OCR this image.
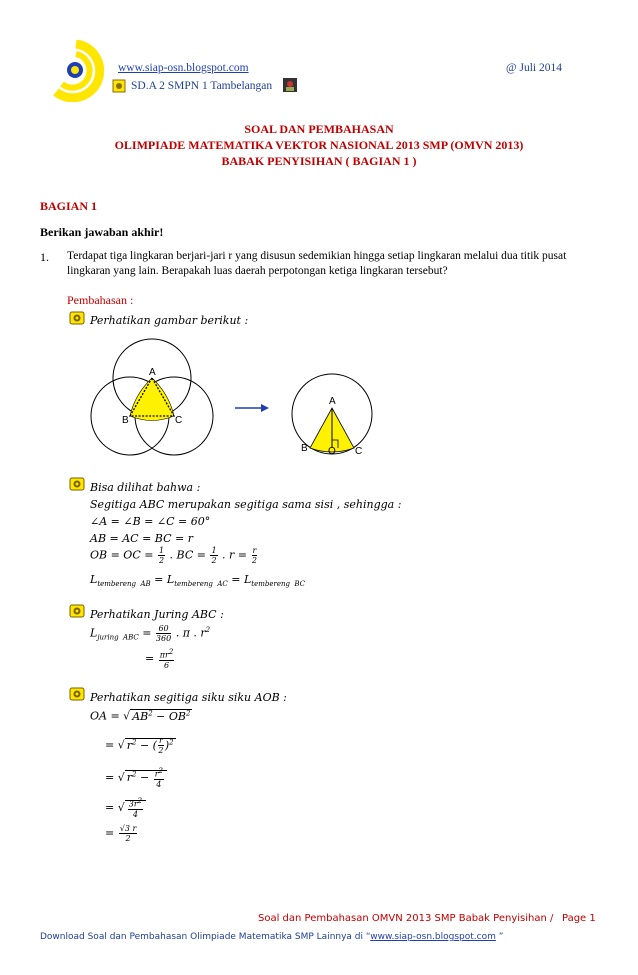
www.siap-osn.blogspot.com	@ Juli 2014
SD.A 2 SMPN 1 Tambelangan
SOAL DAN PEMBAHASAN
OLIMPIADE MATEMATIKA VEKTOR NASIONAL 2013 SMP (OMVN 2013)
BABAK PENYISIHAN ( BAGIAN 1 )
BAGIAN 1
Berikan jawaban akhir!
1. Terdapat tiga lingkaran berjari-jari r yang disusun sedemikian hingga setiap lingkaran melalui dua titik pusat
lingkaran yang lain. Berapakah luas daerah perpotongan ketiga lingkaran tersebut?
Pembahasan :
Perhatikan gambar berikut :
A
B	C
A
B O C
Bisa dilihat bahwa :
Segitiga ABC merupakan segitiga sama sisi , sehingga :
∠A = ∠B = ∠C = 60°
AB = AC = BC = r
OB = OC = $\frac{1}{2}$ . BC = $\frac{1}{2}$ . $r = \frac{r}{2}$
$L_{tembereng AB} = L_{tembereng AC} = L_{tembereng BC}$
Perhatikan Juring ABC :
$L_{juring ABC} = \frac{60}{360}$ . π . $r^2$
= $\frac{\pi r^2}{6}$
Perhatikan segitiga siku siku AOB :
OA = √ $AB^2 - OB^2$
= √ $r^2$ − ( $\frac{r}{2} )^2$
= √ $r^2 - \frac{r^2}{4}$
= √ $\frac{3r^2}{4}$
= $\frac{√3 r}{2}$
Soal dan Pembahasan OMVN 2013 SMP Babak Penyisihan / Page 1
Download Soal dan Pembahasan Olimpiade Matematika SMP Lainnya di “www.siap-osn.blogspot.com ”
